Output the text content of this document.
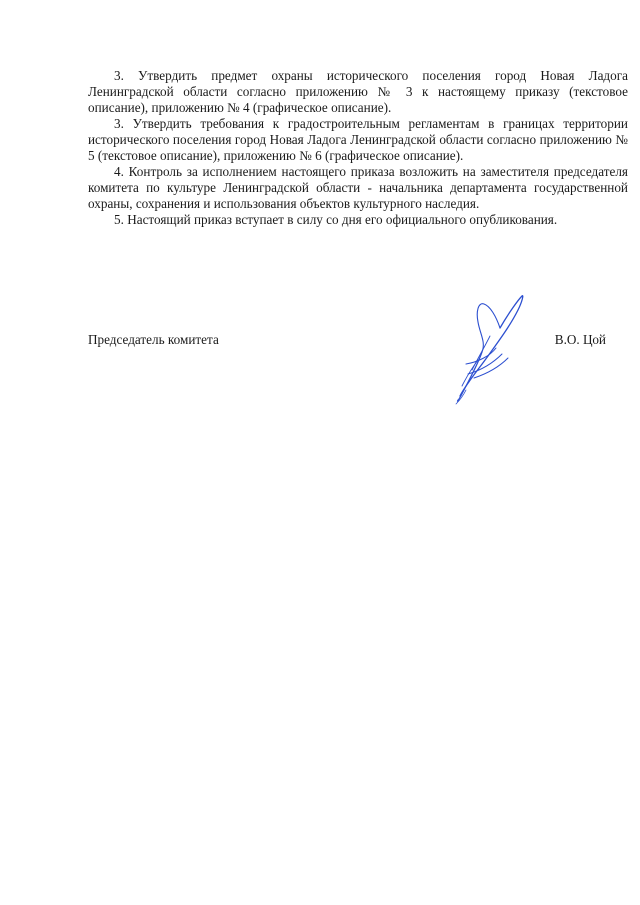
3. Утвердить предмет охраны исторического поселения город Новая Ладога Ленинградской области согласно приложению № 3 к настоящему приказу (текстовое описание), приложению № 4 (графическое описание).

3. Утвердить требования к градостроительным регламентам в границах территории исторического поселения город Новая Ладога Ленинградской области согласно приложению № 5 (текстовое описание), приложению № 6 (графическое описание).

4. Контроль за исполнением настоящего приказа возложить на заместителя председателя комитета по культуре Ленинградской области - начальника департамента государственной охраны, сохранения и использования объектов культурного наследия.

5. Настоящий приказ вступает в силу со дня его официального опубликования.

Председатель комитета	В.О. Цой
